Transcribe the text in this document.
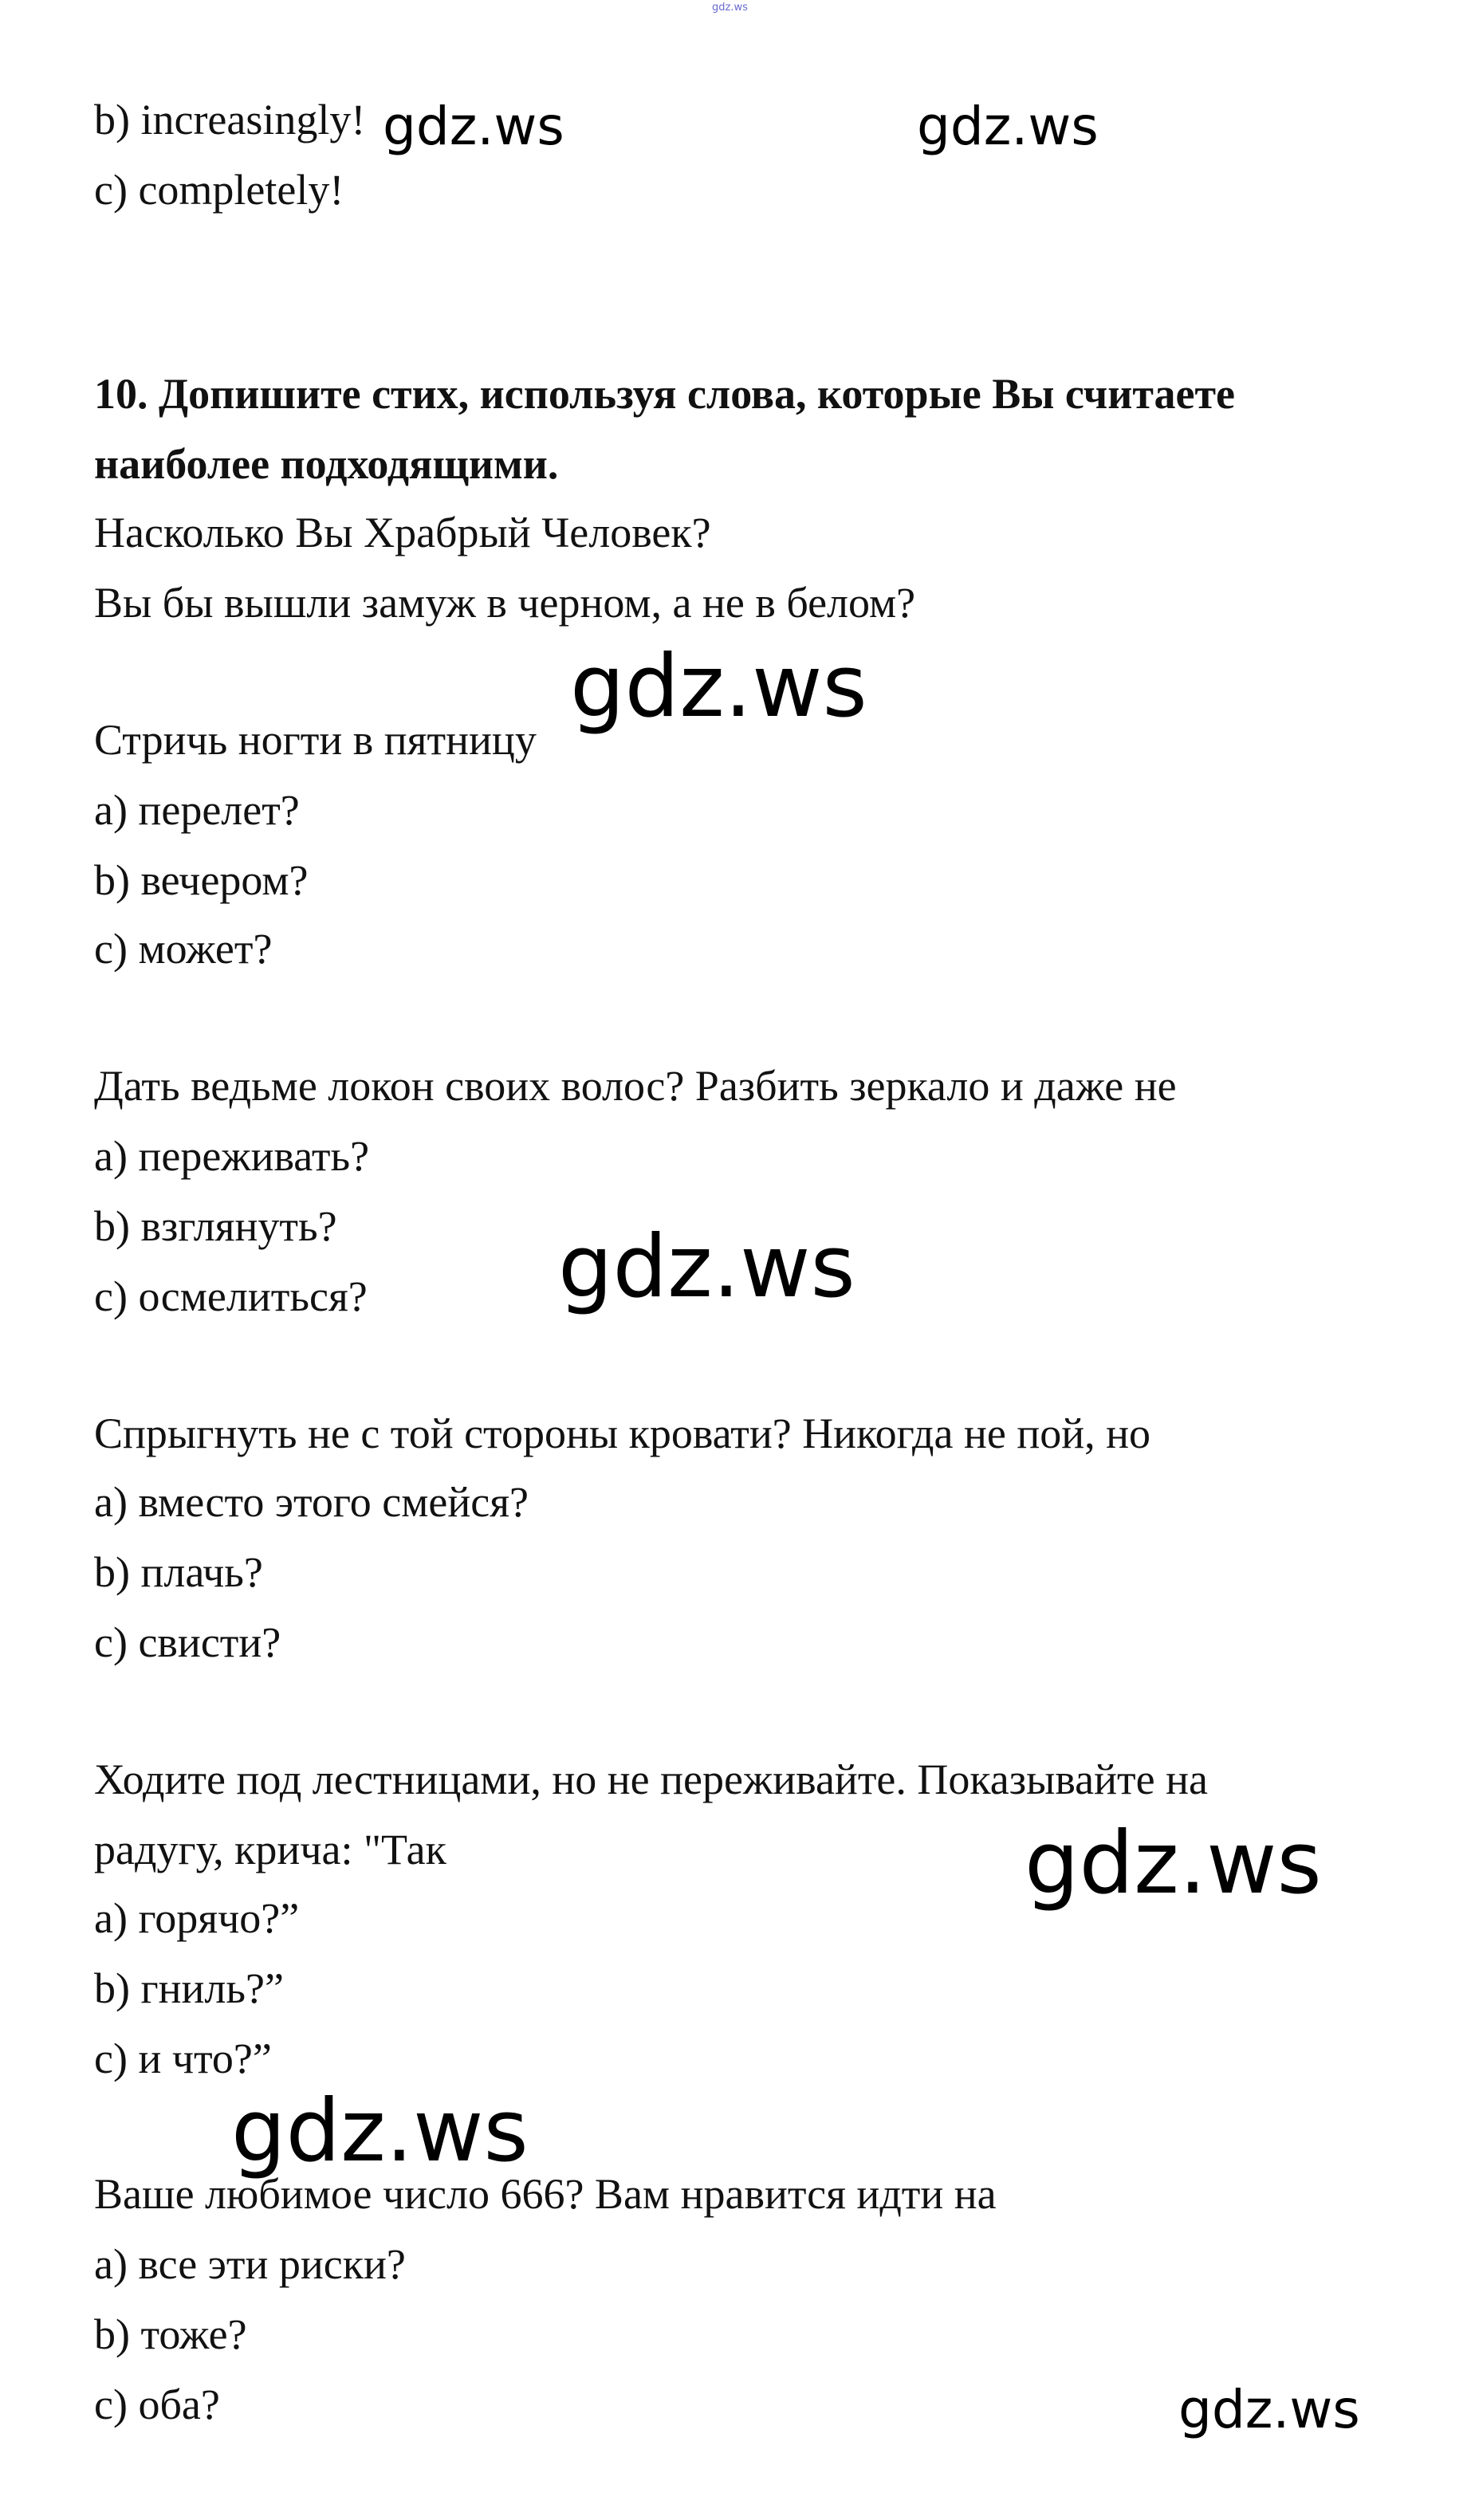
gdz.ws
b) increasingly!
c) completely!
10. Допишите стих, используя слова, которые Вы считаете
наиболее подходящими.
Насколько Вы Храбрый Человек?
Вы бы вышли замуж в черном, а не в белом?
Стричь ногти в пятницу
a) перелет?
b) вечером?
c) может?
Дать ведьме локон своих волос? Разбить зеркало и даже не
a) переживать?
b) взглянуть?
c) осмелиться?
Спрыгнуть не с той стороны кровати? Никогда не пой, но
a) вместо этого смейся?
b) плачь?
c) свисти?
Ходите под лестницами, но не переживайте. Показывайте на
радугу, крича: "Так
a) горячо?”
b) гниль?”
c) и что?”
Ваше любимое число 666? Вам нравится идти на
a) все эти риски?
b) тоже?
c) оба?
gdz.ws	gdz.ws
gdz.ws
gdz.ws
gdz.ws
gdz.ws
gdz.ws
